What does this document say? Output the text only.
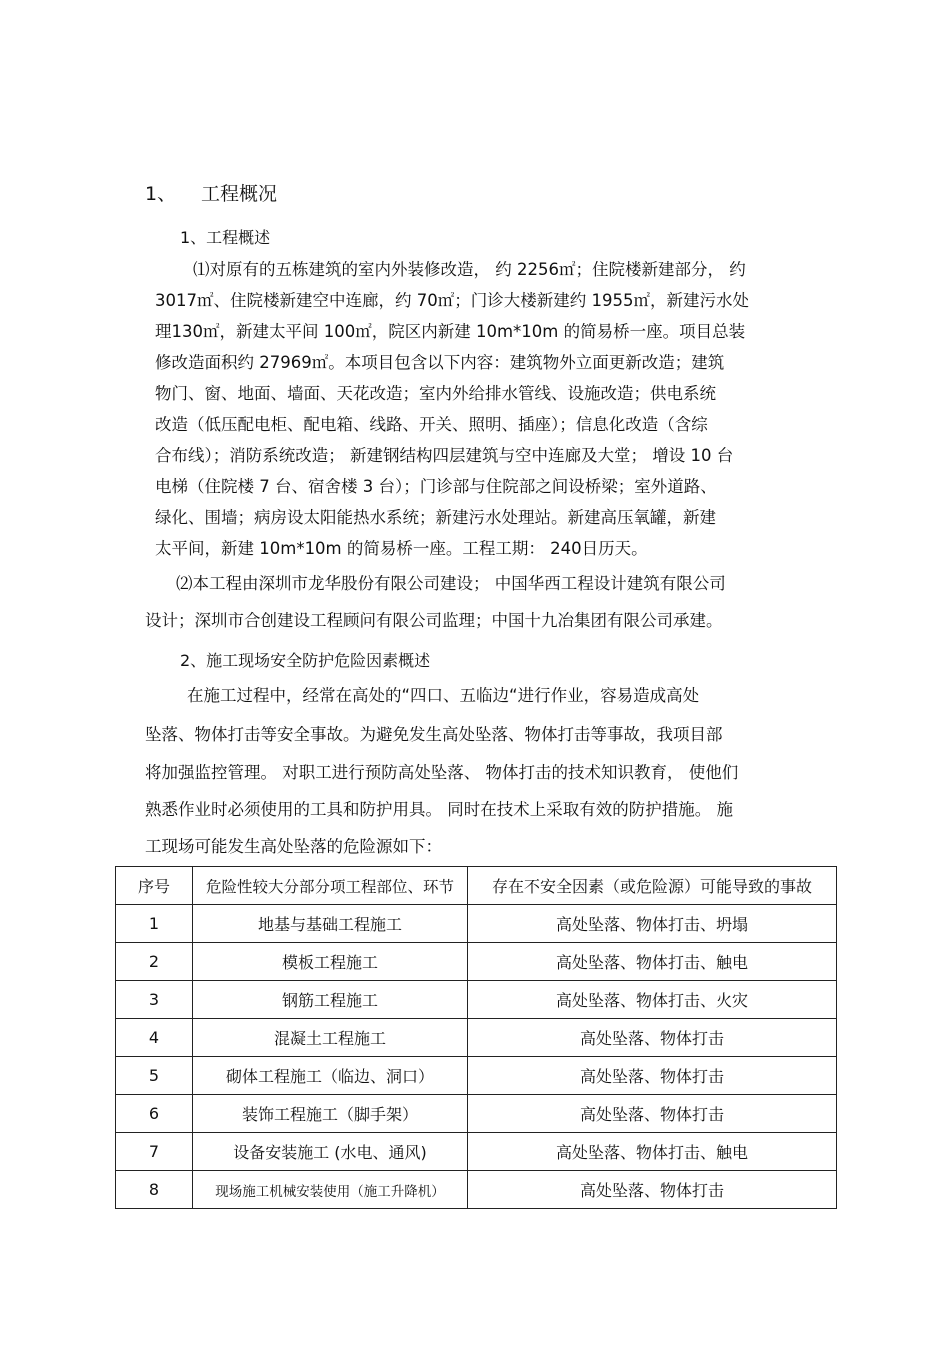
1、 工程概况
1、工程概述
⑴对原有的五栋建筑的室内外装修改造， 约 2256㎡；住院楼新建部分， 约
3017㎡、住院楼新建空中连廊，约 70㎡；门诊大楼新建约 1955㎡，新建污水处
理130㎡，新建太平间 100㎡，院区内新建 10m*10m 的简易桥一座。项目总装
修改造面积约 27969㎡。本项目包含以下内容：建筑物外立面更新改造；建筑
物门、窗、地面、墙面、天花改造；室内外给排水管线、设施改造；供电系统
改造（低压配电柜、配电箱、线路、开关、照明、插座）；信息化改造（含综
合布线）；消防系统改造； 新建钢结构四层建筑与空中连廊及大堂； 增设 10 台
电梯（住院楼 7 台、宿舍楼 3 台）；门诊部与住院部之间设桥梁；室外道路、
绿化、围墙；病房设太阳能热水系统；新建污水处理站。新建高压氧罐，新建
太平间，新建 10m*10m 的简易桥一座。工程工期： 240日历天。
⑵本工程由深圳市龙华股份有限公司建设； 中国华西工程设计建筑有限公司
设计；深圳市合创建设工程顾问有限公司监理；中国十九冶集团有限公司承建。
2、施工现场安全防护危险因素概述
在施工过程中，经常在高处的“四口、五临边“进行作业，容易造成高处
坠落、物体打击等安全事故。为避免发生高处坠落、物体打击等事故，我项目部
将加强监控管理。 对职工进行预防高处坠落、 物体打击的技术知识教育， 使他们
熟悉作业时必须使用的工具和防护用具。 同时在技术上采取有效的防护措施。 施
工现场可能发生高处坠落的危险源如下：
序号	危险性较大分部分项工程部位、环节	存在不安全因素（或危险源）可能导致的事故
1	地基与基础工程施工	高处坠落、物体打击、坍塌
2	模板工程施工	高处坠落、物体打击、触电
3	钢筋工程施工	高处坠落、物体打击、火灾
4	混凝土工程施工	高处坠落、物体打击
5	砌体工程施工（临边、洞口）	高处坠落、物体打击
6	装饰工程施工（脚手架）	高处坠落、物体打击
7	设备安装施工 (水电、通风)	高处坠落、物体打击、触电
8	现场施工机械安装使用（施工升降机）	高处坠落、物体打击
